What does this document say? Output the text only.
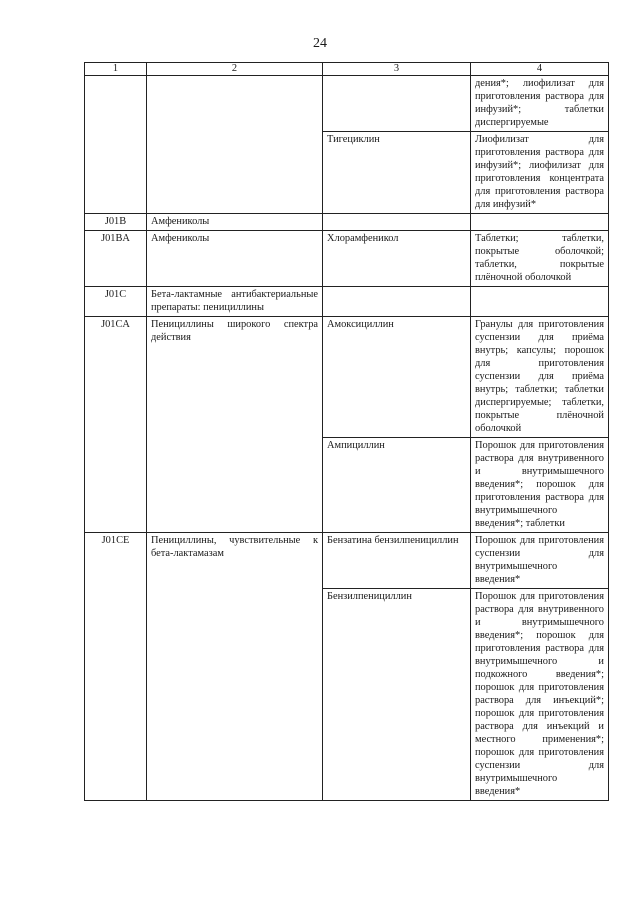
24
1	2	3	4
			дения*; лиофилизат для приготовления раствора для инфузий*; таблетки диспергируемые
		Тигециклин	Лиофилизат для приготовления раствора для инфузий*; лиофилизат для приготовления концентрата для приготовления раствора для инфузий*
J01B	Амфениколы		
J01BA	Амфениколы	Хлорамфеникол	Таблетки; таблетки, покрытые оболочкой; таблетки, покрытые плёночной оболочкой
J01C	Бета-лактамные антибактериальные препараты: пенициллины		
J01CA	Пенициллины широкого спектра действия	Амоксициллин	Гранулы для приготовления суспензии для приёма внутрь; капсулы; порошок для приготовления суспензии для приёма внутрь; таблетки; таблетки диспергируемые; таблетки, покрытые плёночной оболочкой
		Ампициллин	Порошок для приготовления раствора для внутривенного и внутримышечного введения*; порошок для приготовления раствора для внутримышечного введения*; таблетки
J01CE	Пенициллины, чувствительные к бета-лактамазам	Бензатина бензилпенициллин	Порошок для приготовления суспензии для внутримышечного введения*
		Бензилпенициллин	Порошок для приготовления раствора для внутривенного и внутримышечного введения*; порошок для приготовления раствора для внутримышечного и подкожного введения*; порошок для приготовления раствора для инъекций*; порошок для приготовления раствора для инъекций и местного применения*; порошок для приготовления суспензии для внутримышечного введения*
